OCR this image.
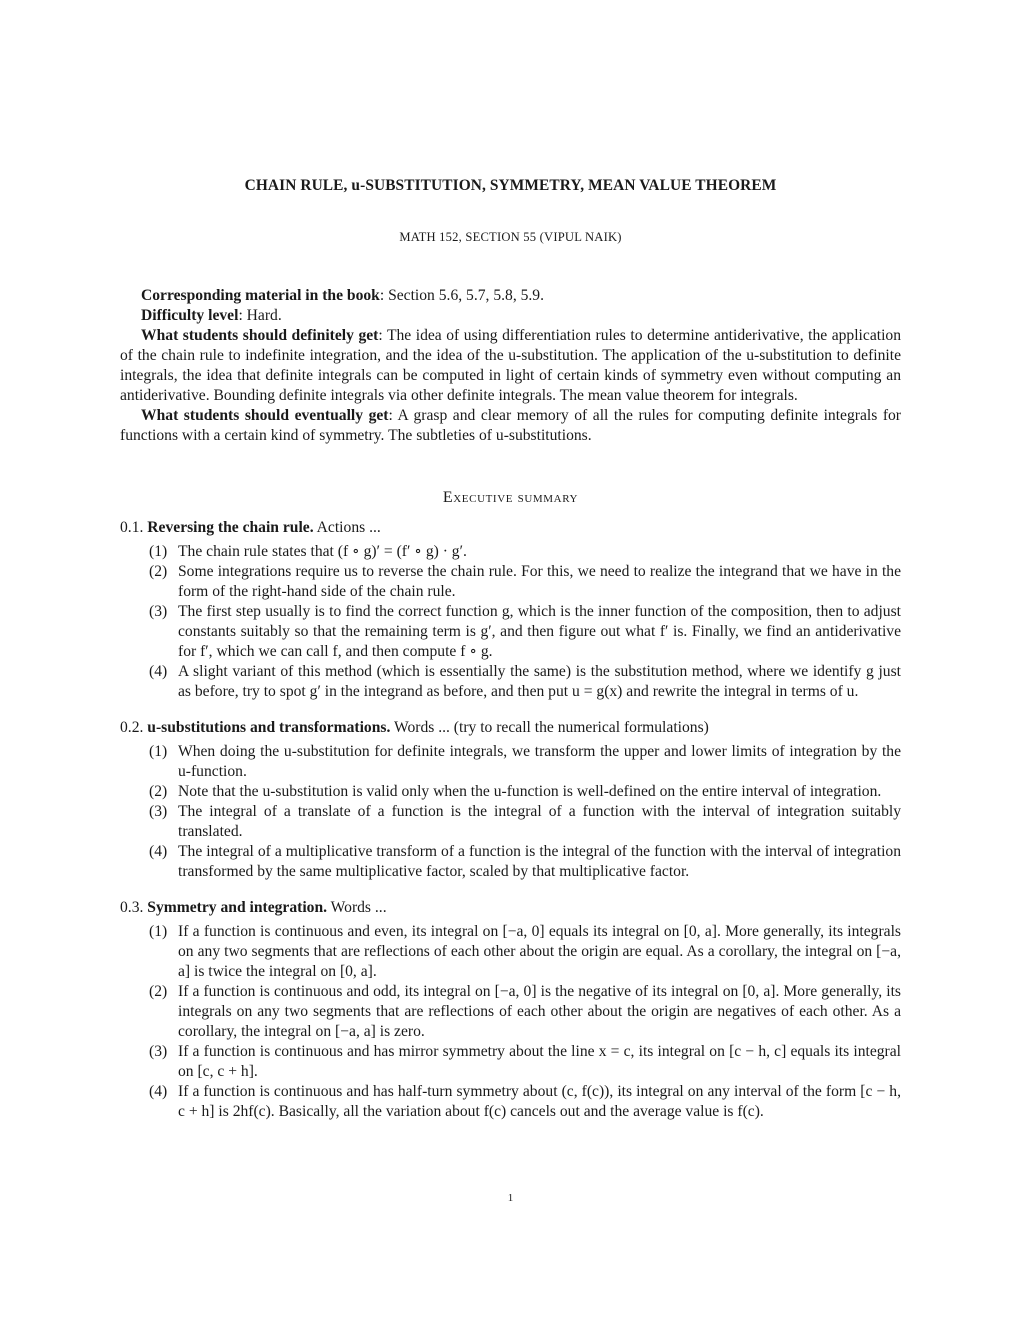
CHAIN RULE, u-SUBSTITUTION, SYMMETRY, MEAN VALUE THEOREM
MATH 152, SECTION 55 (VIPUL NAIK)

Corresponding material in the book: Section 5.6, 5.7, 5.8, 5.9.

Difficulty level: Hard.

What students should definitely get: The idea of using differentiation rules to determine antiderivative, the application of the chain rule to indefinite integration, and the idea of the u-substitution. The application of the u-substitution to definite integrals, the idea that definite integrals can be computed in light of certain kinds of symmetry even without computing an antiderivative. Bounding definite integrals via other definite integrals. The mean value theorem for integrals.

What students should eventually get: A grasp and clear memory of all the rules for computing definite integrals for functions with a certain kind of symmetry. The subtleties of u-substitutions.

Executive summary

0.1. Reversing the chain rule. Actions ...

(1) The chain rule states that (f ∘ g)′ = (f′ ∘ g) · g′.
(2) Some integrations require us to reverse the chain rule. For this, we need to realize the integrand that we have in the form of the right-hand side of the chain rule.
(3) The first step usually is to find the correct function g, which is the inner function of the composition, then to adjust constants suitably so that the remaining term is g′, and then figure out what f′ is. Finally, we find an antiderivative for f′, which we can call f, and then compute f ∘ g.
(4) A slight variant of this method (which is essentially the same) is the substitution method, where we identify g just as before, try to spot g′ in the integrand as before, and then put u = g(x) and rewrite the integral in terms of u.

0.2. u-substitutions and transformations. Words ... (try to recall the numerical formulations)

(1) When doing the u-substitution for definite integrals, we transform the upper and lower limits of integration by the u-function.
(2) Note that the u-substitution is valid only when the u-function is well-defined on the entire interval of integration.
(3) The integral of a translate of a function is the integral of a function with the interval of integration suitably translated.
(4) The integral of a multiplicative transform of a function is the integral of the function with the interval of integration transformed by the same multiplicative factor, scaled by that multiplicative factor.

0.3. Symmetry and integration. Words ...

(1) If a function is continuous and even, its integral on [−a, 0] equals its integral on [0, a]. More generally, its integrals on any two segments that are reflections of each other about the origin are equal. As a corollary, the integral on [−a, a] is twice the integral on [0, a].
(2) If a function is continuous and odd, its integral on [−a, 0] is the negative of its integral on [0, a]. More generally, its integrals on any two segments that are reflections of each other about the origin are negatives of each other. As a corollary, the integral on [−a, a] is zero.
(3) If a function is continuous and has mirror symmetry about the line x = c, its integral on [c − h, c] equals its integral on [c, c + h].
(4) If a function is continuous and has half-turn symmetry about (c, f(c)), its integral on any interval of the form [c − h, c + h] is 2hf(c). Basically, all the variation about f(c) cancels out and the average value is f(c).
1
